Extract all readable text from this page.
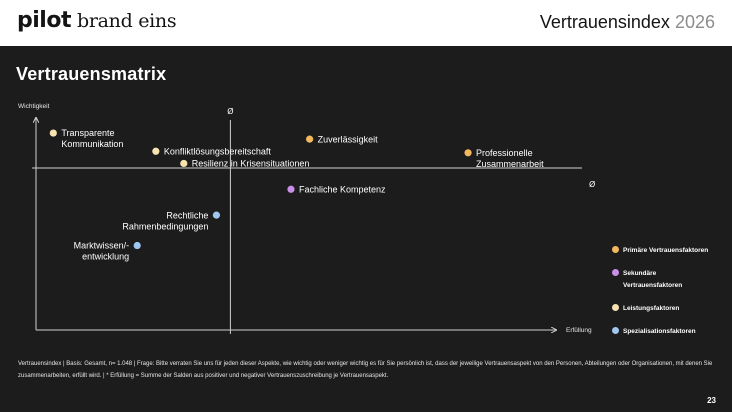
pilot brand eins	Vertrauensindex 2026
Vertrauensmatrix
Wichtigkeit
Erfüllung
Ø
Ø
Transparente Kommunikation
Konfliktlösungsbereitschaft
Resilienz in Krisensituationen
Zuverlässigkeit
Professionelle Zusammenarbeit
Fachliche Kompetenz
Rechtliche Rahmenbedingungen
Marktwissen/-entwicklung
Primäre Vertrauensfaktoren
Sekundäre
Vertrauensfaktoren
Leistungsfaktoren
Spezialisationsfaktoren
Vertrauensindex | Basis: Gesamt, n= 1.048 | Frage: Bitte verraten Sie uns für jeden dieser Aspekte, wie wichtig oder weniger wichtig es für Sie persönlich ist, dass der jeweilige Vertrauensaspekt von den Personen, Abteilungen oder Organisationen, mit denen Sie zusammenarbeiten, erfüllt wird. | * Erfüllung = Summe der Salden aus positiver und negativer Vertrauenszuschreibung je Vertrauensaspekt.
23
